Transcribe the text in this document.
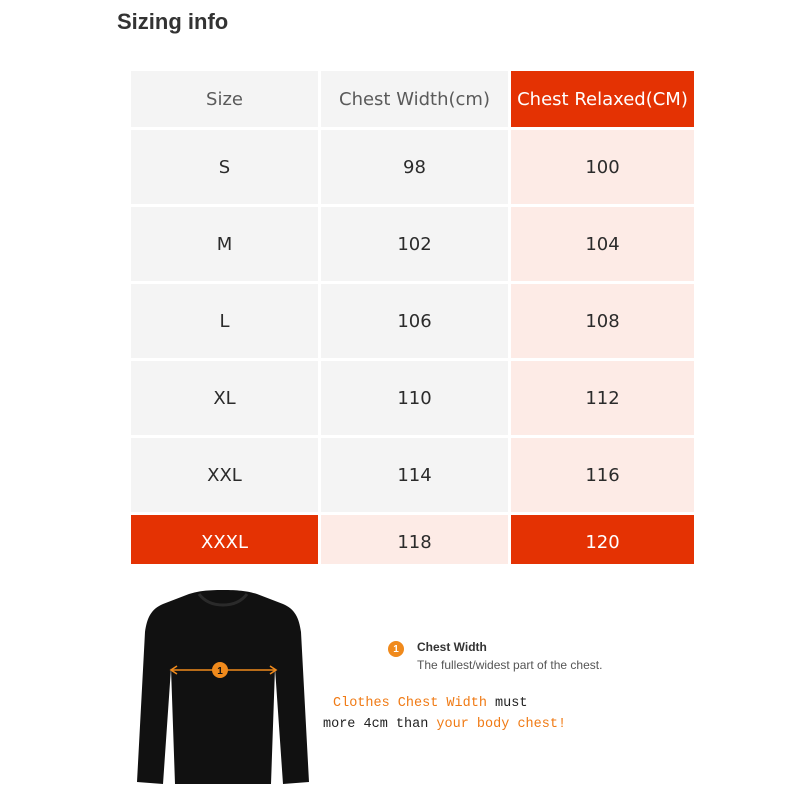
Sizing info
Size	Chest Width(cm)	Chest Relaxed(CM)
S	98	100
M	102	104
L	106	108
XL	110	112
XXL	114	116
XXXL	118	120
1
1	Chest Width
The fullest/widest part of the chest.
Clothes Chest Width must
more 4cm than your body chest!
